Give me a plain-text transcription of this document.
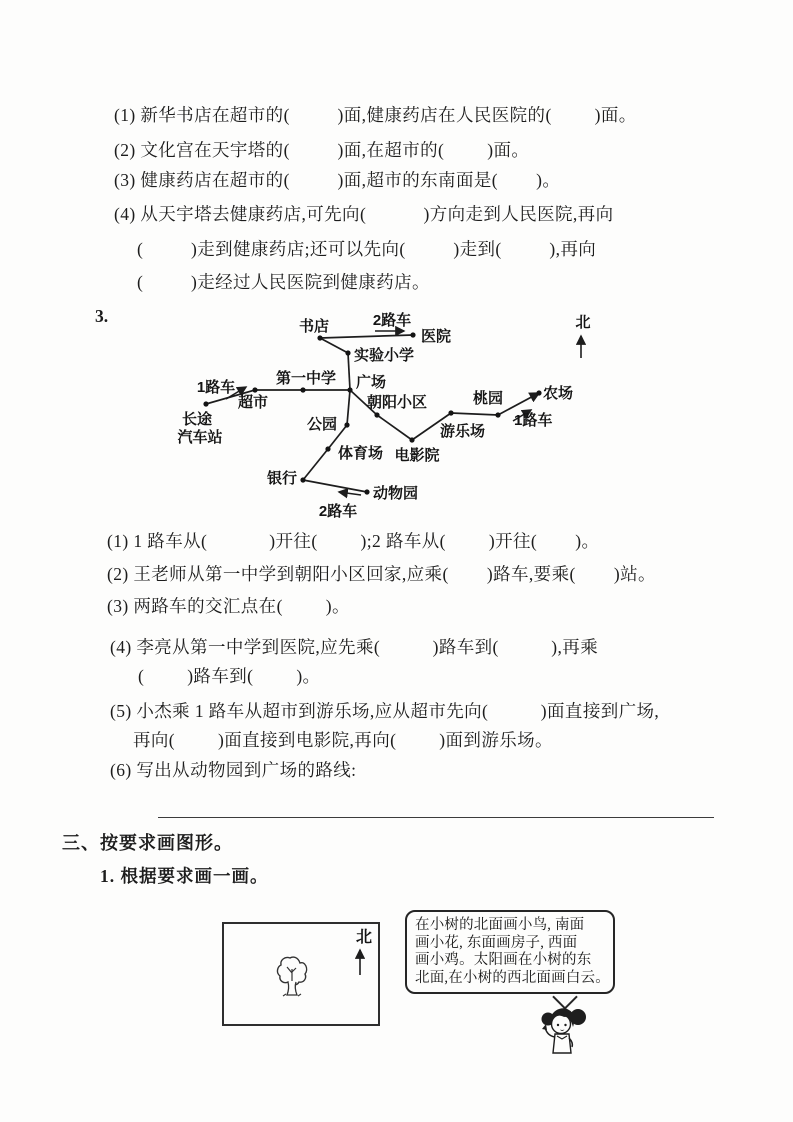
(1) 新华书店在超市的(          )面,健康药店在人民医院的(         )面。
(2) 文化宫在天宇塔的(          )面,在超市的(         )面。
(3) 健康药店在超市的(          )面,超市的东南面是(        )。
(4) 从天宇塔去健康药店,可先向(            )方向走到人民医院,再向
(          )走到健康药店;还可以先向(          )走到(          ),再向
(          )走经过人民医院到健康药店。
3.	北
书店	2路车
医院
实验小学
第一中学 广场
1路车
超市
长途
汽车站
朝阳小区
公园	游乐场
桃园	农场
1路车
电影院
体育场
银行
动物园
2路车
(1) 1 路车从(             )开往(         );2 路车从(         )开往(        )。
(2) 王老师从第一中学到朝阳小区回家,应乘(        )路车,要乘(        )站。
(3) 两路车的交汇点在(         )。
(4) 李亮从第一中学到医院,应先乘(           )路车到(           ),再乘
(         )路车到(         )。
(5) 小杰乘 1 路车从超市到游乐场,应从超市先向(           )面直接到广场,
再向(         )面直接到电影院,再向(         )面到游乐场。
(6) 写出从动物园到广场的路线:
三、按要求画图形。
1. 根据要求画一画。
北
在小树的北面画小鸟, 南面
画小花, 东面画房子, 西面
画小鸡。太阳画在小树的东
北面,在小树的西北面画白云。
